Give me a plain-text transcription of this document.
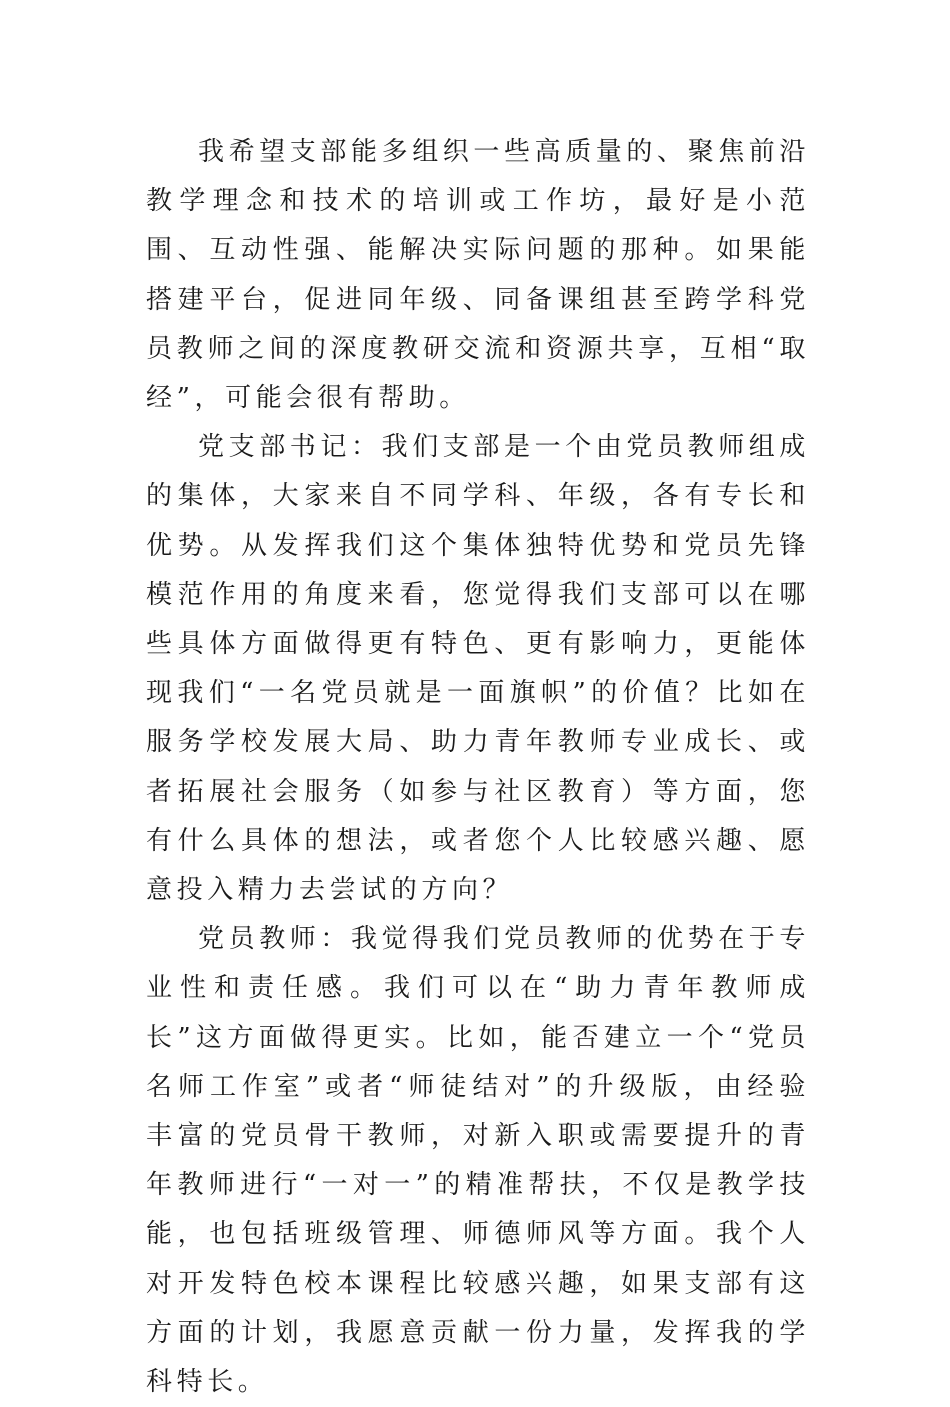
我希望支部能多组织一些高质量的、聚焦前沿教学理念和技术的培训或工作坊，最好是小范围、互动性强、能解决实际问题的那种。如果能搭建平台，促进同年级、同备课组甚至跨学科党员教师之间的深度教研交流和资源共享，互相“取经”，可能会很有帮助。

党支部书记：我们支部是一个由党员教师组成的集体，大家来自不同学科、年级，各有专长和优势。从发挥我们这个集体独特优势和党员先锋模范作用的角度来看，您觉得我们支部可以在哪些具体方面做得更有特色、更有影响力，更能体现我们“一名党员就是一面旗帜”的价值？比如在服务学校发展大局、助力青年教师专业成长、或者拓展社会服务（如参与社区教育）等方面，您有什么具体的想法，或者您个人比较感兴趣、愿意投入精力去尝试的方向？

党员教师：我觉得我们党员教师的优势在于专业性和责任感。我们可以在“助力青年教师成长”这方面做得更实。比如，能否建立一个“党员名师工作室”或者“师徒结对”的升级版，由经验丰富的党员骨干教师，对新入职或需要提升的青年教师进行“一对一”的精准帮扶，不仅是教学技能，也包括班级管理、师德师风等方面。我个人对开发特色校本课程比较感兴趣，如果支部有这方面的计划，我愿意贡献一份力量，发挥我的学科特长。
